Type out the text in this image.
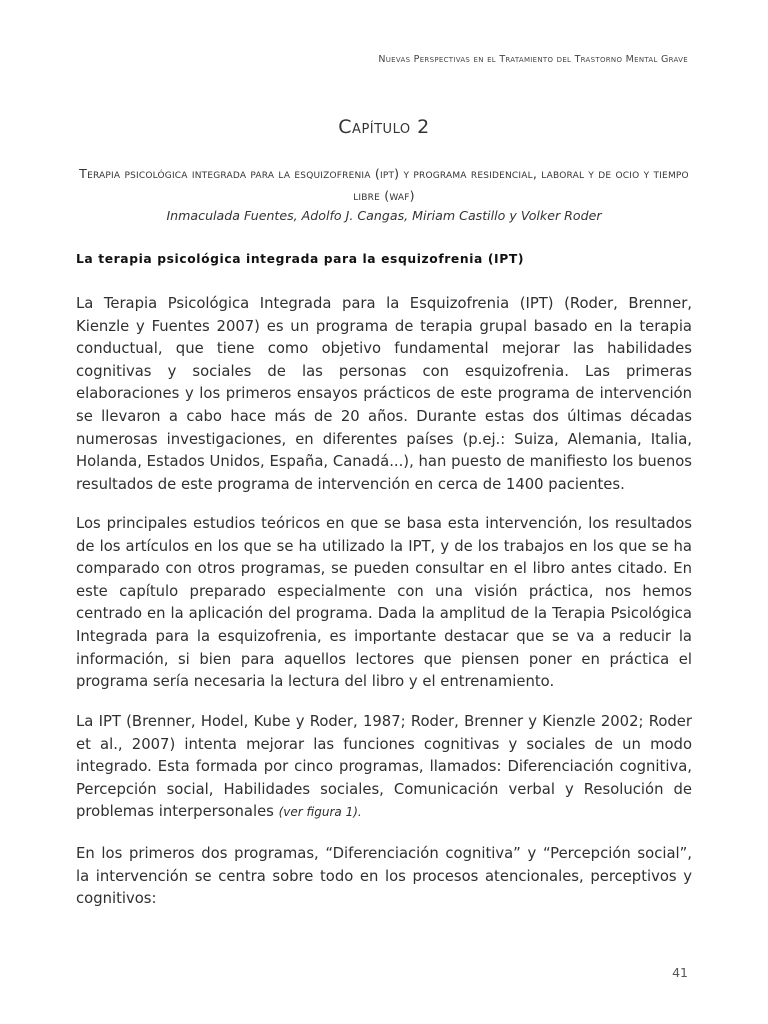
Nuevas Perspectivas en el Tratamiento del Trastorno Mental Grave
Capítulo 2
Terapia psicológica integrada para la esquizofrenia (ipt) y programa residencial, laboral y de ocio y tiempo libre (waf)
Inmaculada Fuentes, Adolfo J. Cangas, Miriam Castillo y Volker Roder
La terapia psicológica integrada para la esquizofrenia (IPT)

La Terapia Psicológica Integrada para la Esquizofrenia (IPT) (Roder, Brenner, Kienzle y Fuentes 2007) es un programa de terapia grupal basado en la terapia conductual, que tiene como objetivo fundamental mejorar las habilidades cognitivas y sociales de las personas con esquizofrenia. Las primeras elaboraciones y los primeros ensayos prácticos de este programa de intervención se llevaron a cabo hace más de 20 años. Durante estas dos últimas décadas numerosas investigaciones, en diferentes países (p.ej.: Suiza, Alemania, Italia, Holanda, Estados Unidos, España, Canadá...), han puesto de manifiesto los buenos resultados de este programa de intervención en cerca de 1400 pacientes.

Los principales estudios teóricos en que se basa esta intervención, los resultados de los artículos en los que se ha utilizado la IPT, y de los trabajos en los que se ha comparado con otros programas, se pueden consultar en el libro antes citado. En este capítulo preparado especialmente con una visión práctica, nos hemos centrado en la aplicación del programa. Dada la amplitud de la Terapia Psicológica Integrada para la esquizofrenia, es importante destacar que se va a reducir la información, si bien para aquellos lectores que piensen poner en práctica el programa sería necesaria la lectura del libro y el entrenamiento.

La IPT (Brenner, Hodel, Kube y Roder, 1987; Roder, Brenner y Kienzle 2002; Roder et al., 2007) intenta mejorar las funciones cognitivas y sociales de un modo integrado. Esta formada por cinco programas, llamados: Diferenciación cognitiva, Percepción social, Habilidades sociales, Comunicación verbal y Resolución de problemas interpersonales (ver figura 1).

En los primeros dos programas, “Diferenciación cognitiva” y “Percepción social”, la intervención se centra sobre todo en los procesos atencionales, perceptivos y cognitivos:

41
